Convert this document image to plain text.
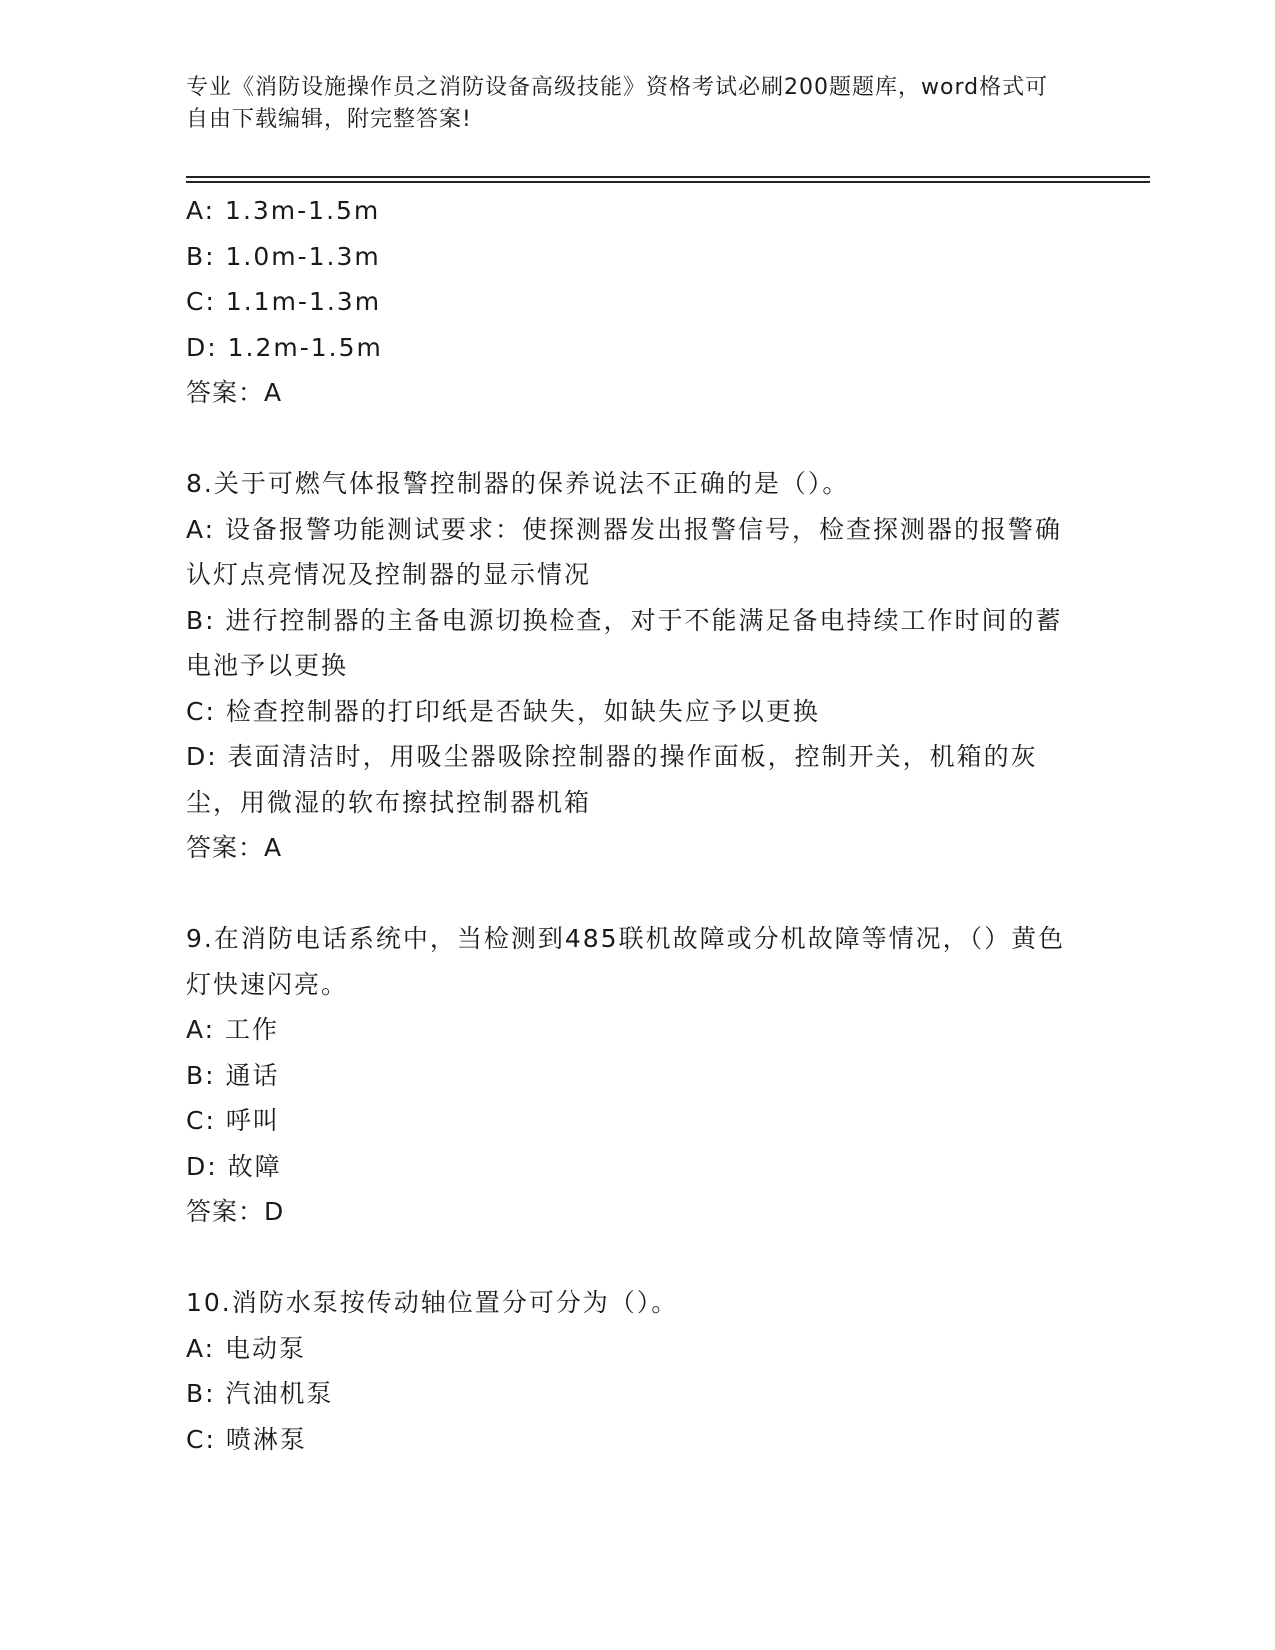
专业《消防设施操作员之消防设备高级技能》资格考试必刷200题题库，word格式可自由下载编辑，附完整答案!
A: 1.3m-1.5m
B: 1.0m-1.3m
C: 1.1m-1.3m
D: 1.2m-1.5m
答案：A
8.关于可燃气体报警控制器的保养说法不正确的是（）。
A: 设备报警功能测试要求：使探测器发出报警信号，检查探测器的报警确认灯点亮情况及控制器的显示情况
B: 进行控制器的主备电源切换检查，对于不能满足备电持续工作时间的蓄电池予以更换
C: 检查控制器的打印纸是否缺失，如缺失应予以更换
D: 表面清洁时，用吸尘器吸除控制器的操作面板，控制开关，机箱的灰尘，用微湿的软布擦拭控制器机箱
答案：A
9.在消防电话系统中，当检测到485联机故障或分机故障等情况，（）黄色灯快速闪亮。
A: 工作
B: 通话
C: 呼叫
D: 故障
答案：D
10.消防水泵按传动轴位置分可分为（）。
A: 电动泵
B: 汽油机泵
C: 喷淋泵
